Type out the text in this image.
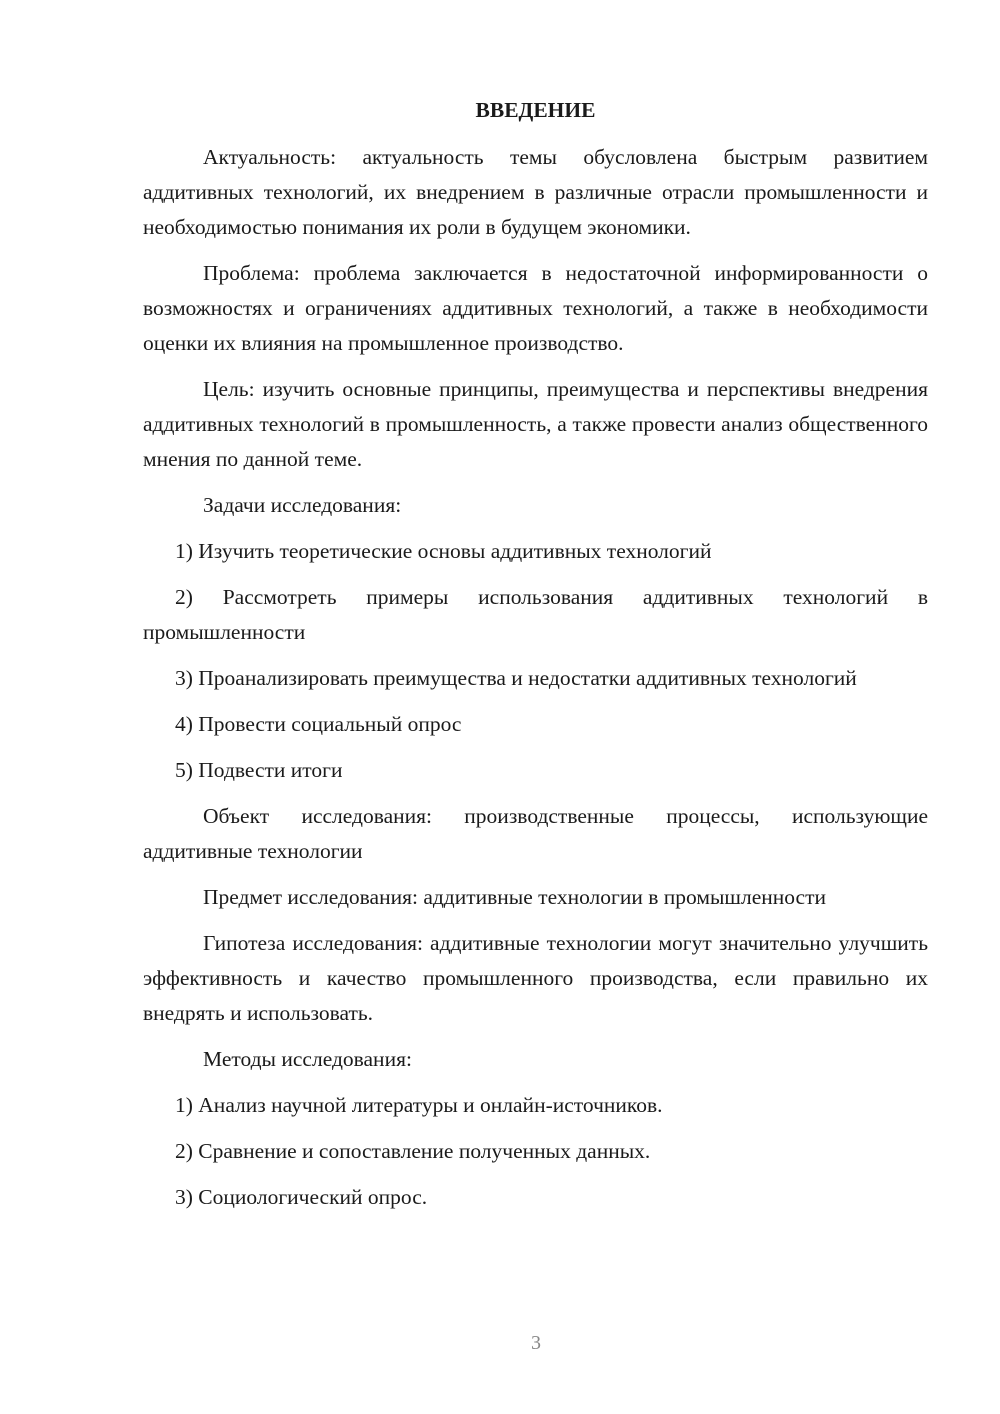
ВВЕДЕНИЕ

Актуальность: актуальность темы обусловлена быстрым развитием аддитивных технологий, их внедрением в различные отрасли промышленности и необходимостью понимания их роли в будущем экономики.

Проблема: проблема заключается в недостаточной информированности о возможностях и ограничениях аддитивных технологий, а также в необходимости оценки их влияния на промышленное производство.

Цель: изучить основные принципы, преимущества и перспективы внедрения аддитивных технологий в промышленность, а также провести анализ общественного мнения по данной теме.

Задачи исследования:

1) Изучить теоретические основы аддитивных технологий

2) Рассмотреть примеры использования аддитивных технологий в промышленности

3) Проанализировать преимущества и недостатки аддитивных технологий

4) Провести социальный опрос

5) Подвести итоги

Объект исследования: производственные процессы, использующие аддитивные технологии

Предмет исследования: аддитивные технологии в промышленности

Гипотеза исследования: аддитивные технологии могут значительно улучшить эффективность и качество промышленного производства, если правильно их внедрять и использовать.

Методы исследования:

1) Анализ научной литературы и онлайн-источников.

2) Сравнение и сопоставление полученных данных.

3) Социологический опрос.

3
